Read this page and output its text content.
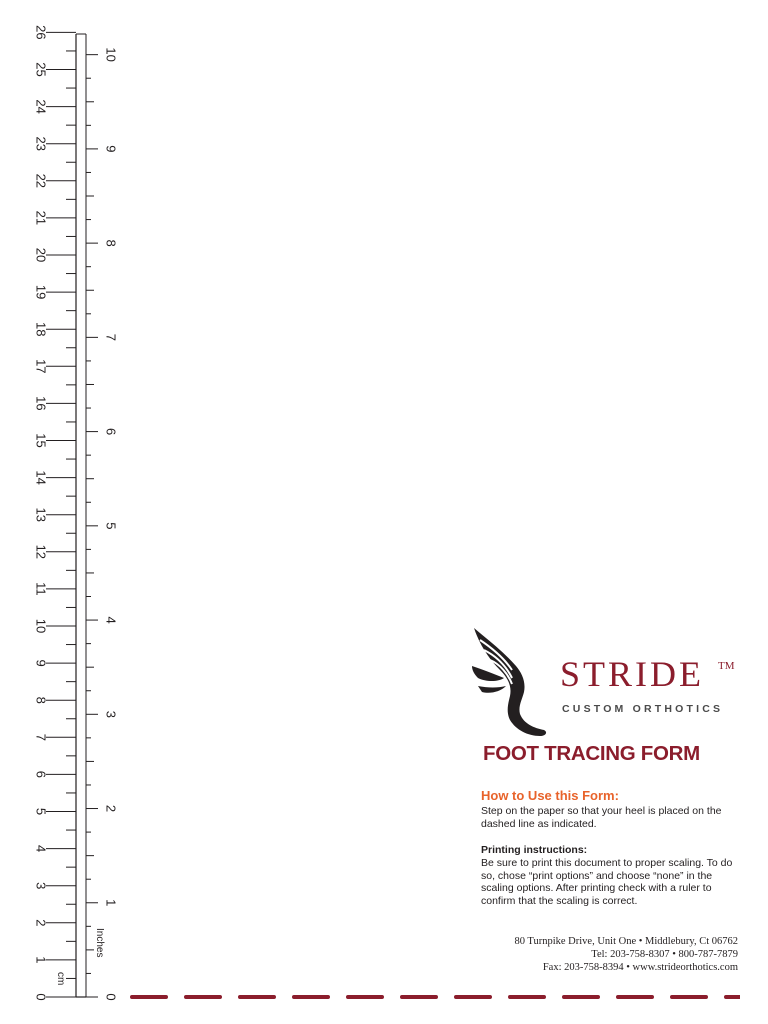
0
1
2
3
4
5
6
7
8
9
10
11
12
13
14
15
16
17
18
19
20
21
22
23
24
25
26
0
1
2
3
4
5
6
7
8
9
10
cm
Inches
STRIDE TM
CUSTOM ORTHOTICS
FOOT TRACING FORM
How to Use this Form:
Step on the paper so that your heel is placed on the dashed line as indicated.
Printing instructions:
Be sure to print this document to proper scaling. To do so, chose “print options” and choose “none” in the scaling options. After printing check with a ruler to confirm that the scaling is correct.
80 Turnpike Drive, Unit One • Middlebury, Ct 06762
Tel: 203-758-8307 • 800-787-7879
Fax: 203-758-8394 • www.strideorthotics.com
